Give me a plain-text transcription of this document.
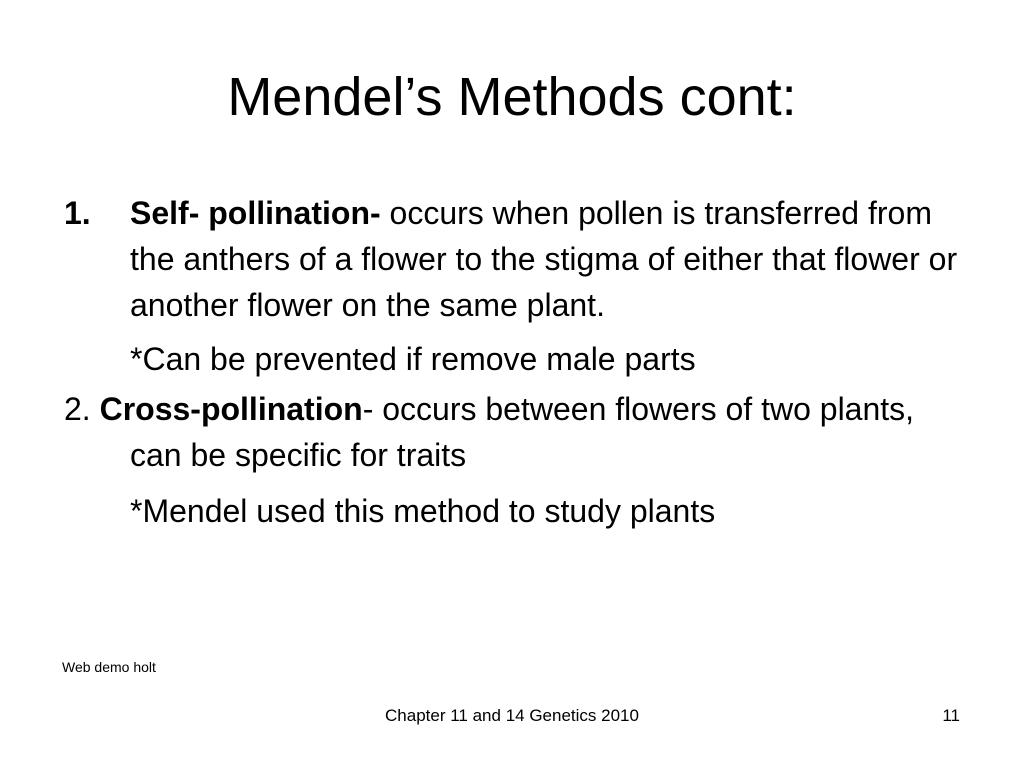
Mendel’s Methods cont:

1. Self- pollination- occurs when pollen is transferred from the anthers of a flower to the stigma of either that flower or another flower on the same plant.

*Can be prevented if remove male parts

2. Cross-pollination- occurs between flowers of two plants, can be specific for traits

*Mendel used this method to study plants

Web demo holt
Chapter 11 and 14 Genetics 2010	11
